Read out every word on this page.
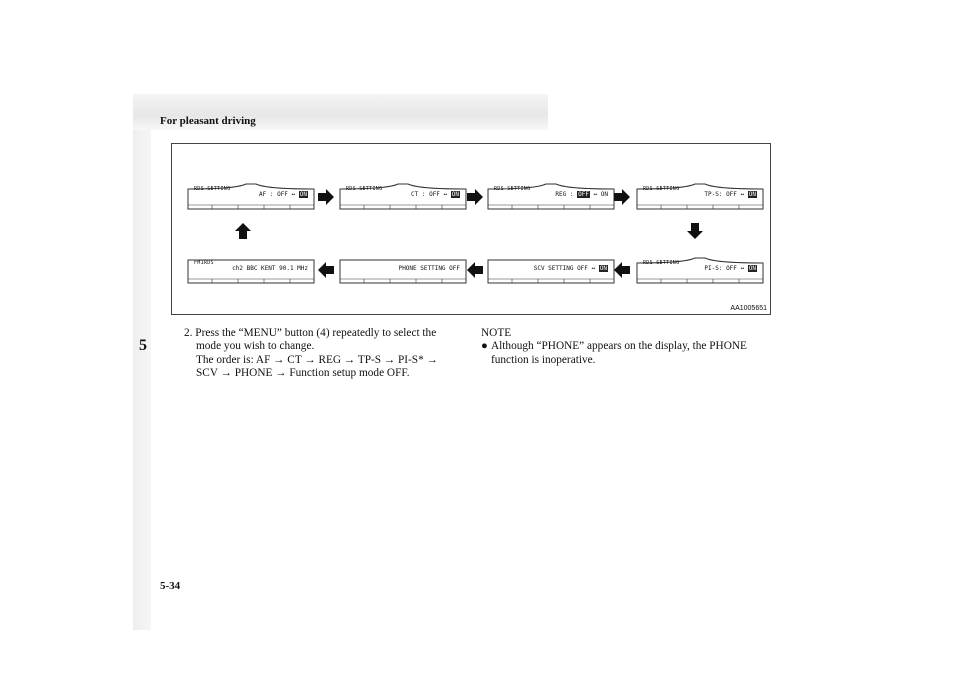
For pleasant driving
5
RDS SETTING
AF : OFF ↔ ON
RDS SETTING
CT : OFF ↔ ON
RDS SETTING
REG : OFF ↔ ON
RDS SETTING
TP-S: OFF ↔ ON
FM1RDS
ch2 BBC KENT 90.1 MHz	PHONE SETTING OFF	SCV SETTING OFF ↔ ON
RDS SETTING
PI-S: OFF ↔ ON
AA1005651

2. Press the “MENU” button (4) repeatedly to select the

mode you wish to change.

The order is: AF → CT → REG → TP-S → PI-S* →

SCV → PHONE → Function setup mode OFF.

NOTE

● Although “PHONE” appears on the display, the PHONE

function is inoperative.

5-34
